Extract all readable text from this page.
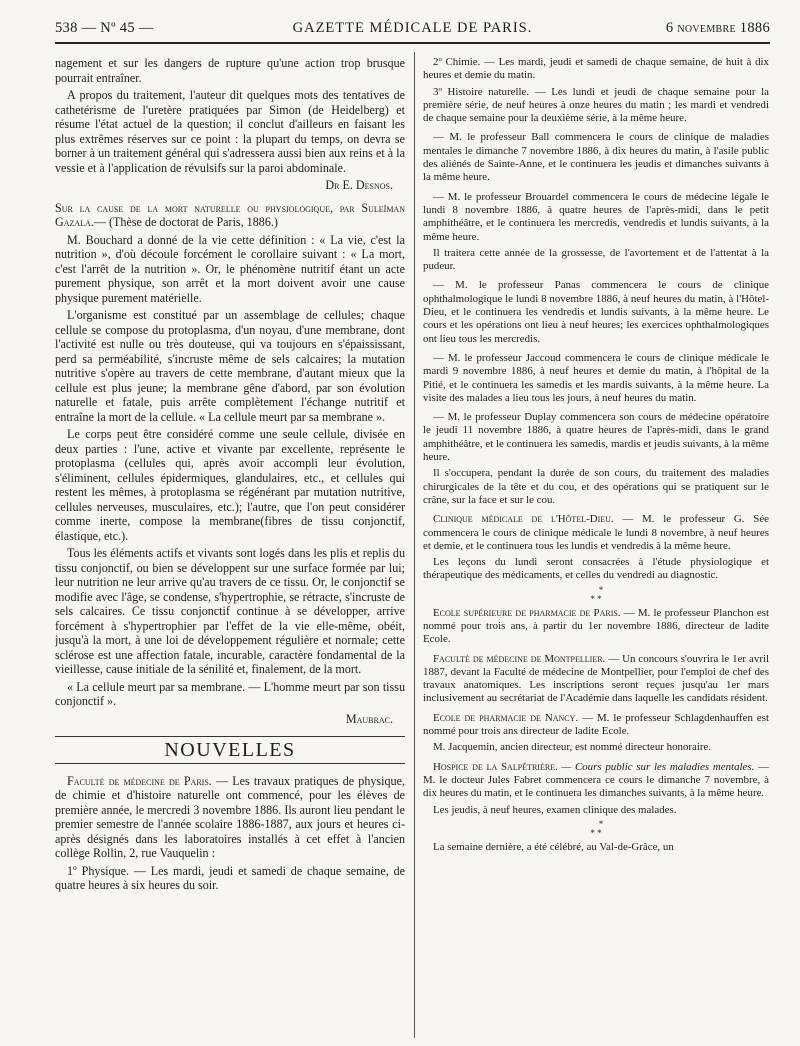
538 — Nº 45 —	GAZETTE MÉDICALE DE PARIS.	6 novembre 1886

nagement et sur les dangers de rupture qu'une action trop brusque pourrait entraîner.

A propos du traitement, l'auteur dit quelques mots des tentatives de cathetérisme de l'uretère pratiquées par Simon (de Heidelberg) et résume l'état actuel de la question; il conclut d'ailleurs en faisant les plus extrêmes réserves sur ce point : la plupart du temps, on devra se borner à un traitement général qui s'adressera aussi bien aux reins et à la vessie et à l'application de révulsifs sur la paroi abdominale.

Dr E. Desnos.

Sur la cause de la mort naturelle ou physiologique, par Suleïman Gazala.— (Thèse de doctorat de Paris, 1886.)

M. Bouchard a donné de la vie cette définition : « La vie, c'est la nutrition », d'où découle forcément le corollaire suivant : « La mort, c'est l'arrêt de la nutrition ». Or, le phénomène nutritif étant un acte purement physique, son arrêt et la mort doivent avoir une cause physique purement matérielle.

L'organisme est constitué par un assemblage de cellules; chaque cellule se compose du protoplasma, d'un noyau, d'une membrane, dont l'activité est nulle ou très douteuse, qui va toujours en s'épaississant, perd sa perméabilité, s'incruste même de sels calcaires; la mutation nutritive s'opère au travers de cette membrane, d'autant mieux que la cellule est plus jeune; la membrane gêne d'abord, par son évolution naturelle et fatale, puis arrête complètement l'échange nutritif et entraîne la mort de la cellule. « La cellule meurt par sa membrane ».

Le corps peut être considéré comme une seule cellule, divisée en deux parties : l'une, active et vivante par excellente, représente le protoplasma (cellules qui, après avoir accompli leur évolution, s'éliminent, cellules épidermiques, glandulaires, etc., et cellules qui restent les mêmes, à protoplasma se régénérant par mutation nutritive, cellules nerveuses, musculaires, etc.); l'autre, que l'on peut considérer comme inerte, compose la membrane(fibres de tissu conjonctif, élastique, etc.).

Tous les éléments actifs et vivants sont logés dans les plis et replis du tissu conjonctif, ou bien se développent sur une surface formée par lui; leur nutrition ne leur arrive qu'au travers de ce tissu. Or, le conjonctif se modifie avec l'âge, se condense, s'hypertrophie, se rétracte, s'incruste de sels calcaires. Ce tissu conjonctif continue à se développer, arrive forcément à s'hypertrophier par l'effet de la vie elle-même, obéit, jusqu'à la mort, à une loi de développement régulière et normale; cette sclérose est une affection fatale, incurable, caractère fondamental de la vieillesse, cause initiale de la sénilité et, finalement, de la mort.

« La cellule meurt par sa membrane. — L'homme meurt par son tissu conjonctif ».

Maubrac.

NOUVELLES

Faculté de médecine de Paris. — Les travaux pratiques de physique, de chimie et d'histoire naturelle ont commencé, pour les élèves de première année, le mercredi 3 novembre 1886. Ils auront lieu pendant le premier semestre de l'année scolaire 1886-1887, aux jours et heures ci-après désignés dans les laboratoires installés à cet effet à l'ancien collège Rollin, 2, rue Vauquelin :

1º Physique. — Les mardi, jeudi et samedi de chaque semaine, de quatre heures à six heures du soir.

2º Chimie. — Les mardi, jeudi et samedi de chaque semaine, de huit à dix heures et demie du matin.

3º Histoire naturelle. — Les lundi et jeudi de chaque semaine pour la première série, de neuf heures à onze heures du matin ; les mardi et vendredi de chaque semaine pour la deuxième série, à la même heure.

— M. le professeur Ball commencera le cours de clinique de maladies mentales le dimanche 7 novembre 1886, à dix heures du matin, à l'asile public des aliénés de Sainte-Anne, et le continuera les jeudis et dimanches suivants à la même heure.

— M. le professeur Brouardel commencera le cours de médecine légale le lundi 8 novembre 1886, à quatre heures de l'après-midi, dans le petit amphithéâtre, et le continuera les mercredis, vendredis et lundis suivants, à la même heure.

Il traitera cette année de la grossesse, de l'avortement et de l'attentat à la pudeur.

— M. le professeur Panas commencera le cours de clinique ophthalmologique le lundi 8 novembre 1886, à neuf heures du matin, à l'Hôtel-Dieu, et le continuera les vendredis et lundis suivants, à la même heure. Le cours et les opérations ont lieu à neuf heures; les exercices ophthalmologiques ont lieu tous les mercredis.

— M. le professeur Jaccoud commencera le cours de clinique médicale le mardi 9 novembre 1886, à neuf heures et demie du matin, à l'hôpital de la Pitié, et le continuera les samedis et les mardis suivants, à la même heure. La visite des malades a lieu tous les jours, à neuf heures du matin.

— M. le professeur Duplay commencera son cours de médecine opératoire le jeudi 11 novembre 1886, à quatre heures de l'après-midi, dans le grand amphithéâtre, et le continuera les samedis, mardis et jeudis suivants, à la même heure.

Il s'occupera, pendant la durée de son cours, du traitement des maladies chirurgicales de la tête et du cou, et des opérations qui se pratiquent sur le crâne, sur la face et sur le cou.

Clinique médicale de l'Hôtel-Dieu. — M. le professeur G. Sée commencera le cours de clinique médicale le lundi 8 novembre, à neuf heures et demie, et le continuera tous les lundis et vendredis à la même heure.

Les leçons du lundi seront consacrées à l'étude physiologique et thérapeutique des médicaments, et celles du vendredi au diagnostic.

*
* *

Ecole supérieure de pharmacie de Paris. — M. le professeur Planchon est nommé pour trois ans, à partir du 1er novembre 1886, directeur de ladite Ecole.

Faculté de médecine de Montpellier. — Un concours s'ouvrira le 1er avril 1887, devant la Faculté de médecine de Montpellier, pour l'emploi de chef des travaux anatomiques. Les inscriptions seront reçues jusqu'au 1er mars inclusivement au secrétariat de l'Académie dans laquelle les candidats résident.

Ecole de pharmacie de Nancy. — M. le professeur Schlagdenhauffen est nommé pour trois ans directeur de ladite Ecole.

M. Jacquemin, ancien directeur, est nommé directeur honoraire.

Hospice de la Salpêtrière. — Cours public sur les maladies mentales. — M. le docteur Jules Fabret commencera ce cours le dimanche 7 novembre, à dix heures du matin, et le continuera les dimanches suivants, à la même heure.

Les jeudis, à neuf heures, examen clinique des malades.

*
* *

La semaine dernière, a été célébré, au Val-de-Grâce, un
